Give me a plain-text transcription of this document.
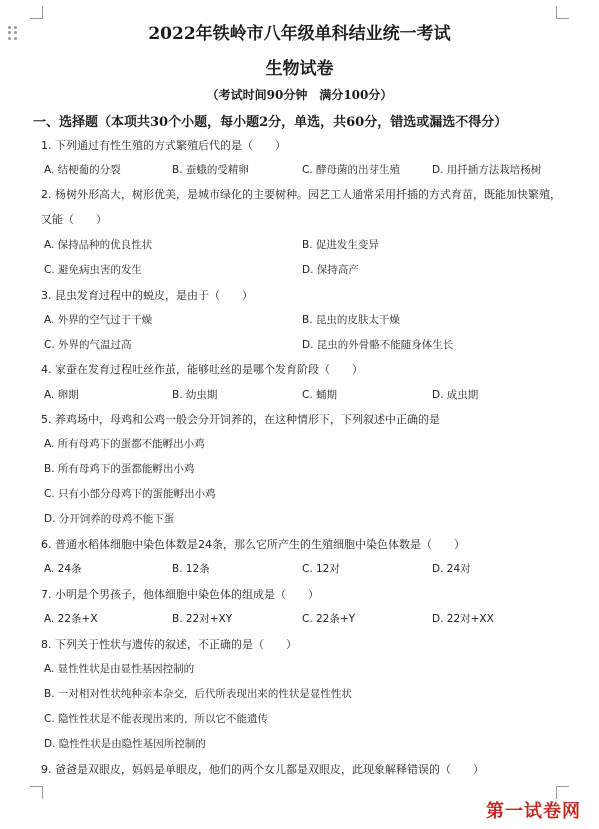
2022年铁岭市八年级单科结业统一考试
生物试卷
（考试时间90分钟　满分100分）
一、选择题（本项共30个小题，每小题2分，单选，共60分，错选或漏选不得分）
1. 下列通过有性生殖的方式繁殖后代的是（　　）
A. 结梗葡的分裂	B. 蚕蛾的受精卵	C. 酵母菌的出芽生殖	D. 用扦插方法栽培杨树
2. 杨树外形高大，树形优美，是城市绿化的主要树种。园艺工人通常采用扦插的方式育苗，既能加快繁殖，
又能（　　）
A. 保持品种的优良性状	B. 促进发生变异
C. 避免病虫害的发生	D. 保持高产
3. 昆虫发育过程中的蜕皮，是由于（　　）
A. 外界的空气过于干燥	B. 昆虫的皮肤太干燥
C. 外界的气温过高	D. 昆虫的外骨骼不能随身体生长
4. 家蚕在发育过程吐丝作茧，能够吐丝的是哪个发育阶段（　　）
A. 卵期	B. 幼虫期	C. 蛹期	D. 成虫期
5. 养鸡场中，母鸡和公鸡一般会分开饲养的，在这种情形下，下列叙述中正确的是
A. 所有母鸡下的蛋都不能孵出小鸡
B. 所有母鸡下的蛋都能孵出小鸡
C. 只有小部分母鸡下的蛋能孵出小鸡
D. 分开饲养的母鸡不能下蛋
6. 普通水稻体细胞中染色体数是24条，那么它所产生的生殖细胞中染色体数是（　　）
A. 24条	B. 12条	C. 12对	D. 24对
7. 小明是个男孩子，他体细胞中染色体的组成是（　　）
A. 22条+X	B. 22对+XY	C. 22条+Y	D. 22对+XX
8. 下列关于性状与遗传的叙述，不正确的是（　　）
A. 显性性状是由显性基因控制的
B. 一对相对性状纯种亲本杂交，后代所表现出来的性状是显性性状
C. 隐性性状是不能表现出来的，所以它不能遗传
D. 隐性性状是由隐性基因所控制的
9. 爸爸是双眼皮，妈妈是单眼皮，他们的两个女儿都是双眼皮，此现象解释错误的（　　）
第一试卷网
